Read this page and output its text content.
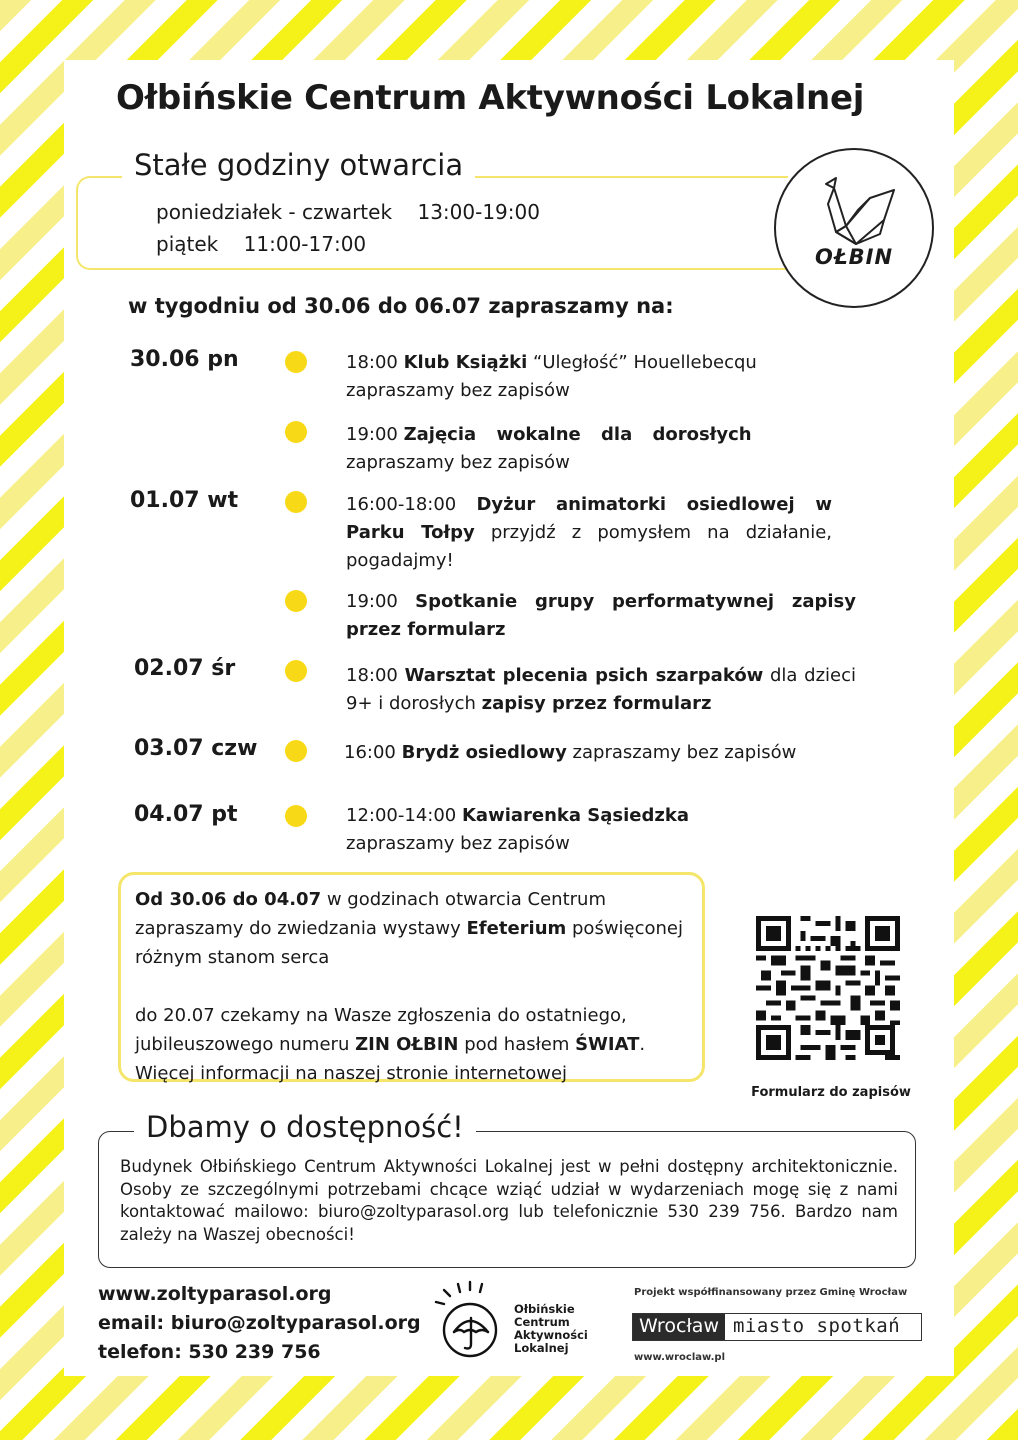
Ołbińskie Centrum Aktywności Lokalnej
Stałe godziny otwarcia
poniedziałek - czwartek    13:00-19:00
piątek    11:00-17:00
OŁBIN
w tygodniu od 30.06 do 06.07 zapraszamy na:
30.06 pn
01.07 wt
02.07 śr
03.07 czw
04.07 pt
18:00 Klub Książki “Uległość” Houellebecqu
zapraszamy bez zapisów
19:00 Zajęcia wokalne dla dorosłych
zapraszamy bez zapisów
16:00-18:00 Dyżur animatorki osiedlowej w Parku Tołpy przyjdź z pomysłem na działanie, pogadajmy!
19:00 Spotkanie grupy performatywnej zapisy przez formularz
18:00 Warsztat plecenia psich szarpaków dla dzieci 9+ i dorosłych zapisy przez formularz
16:00 Brydż osiedlowy zapraszamy bez zapisów
12:00-14:00 Kawiarenka Sąsiedzka
zapraszamy bez zapisów

Od 30.06 do 04.07 w godzinach otwarcia Centrum zapraszamy do zwiedzania wystawy Efeterium poświęconej różnym stanom serca

do 20.07 czekamy na Wasze zgłoszenia do ostatniego, jubileuszowego numeru ZIN OŁBIN pod hasłem ŚWIAT. Więcej informacji na naszej stronie internetowej

Formularz do zapisów
Dbamy o dostępność!
Budynek Ołbińskiego Centrum Aktywności Lokalnej jest w pełni dostępny architektonicznie. Osoby ze szczególnymi potrzebami chcące wziąć udział w wydarzeniach mogę się z nami kontaktować mailowo: biuro@zoltyparasol.org lub telefonicznie 530 239 756. Bardzo nam zależy na Waszej obecności!
www.zoltyparasol.org
email: biuro@zoltyparasol.org
telefon: 530 239 756
Ołbińskie
Centrum
Aktywności
Lokalnej
Projekt współfinansowany przez Gminę Wrocław
Wrocław miasto spotkań
www.wroclaw.pl
